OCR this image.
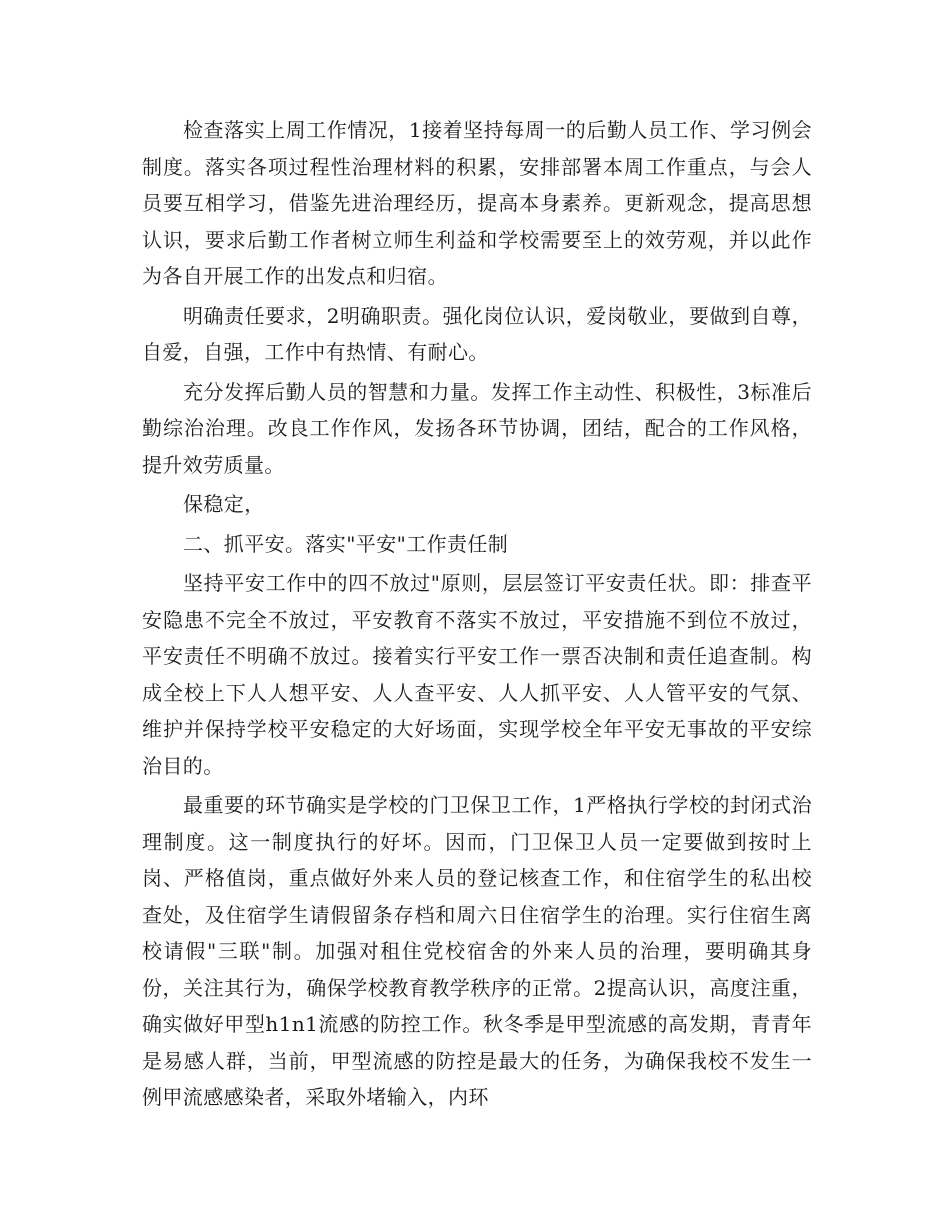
检查落实上周工作情况，1接着坚持每周一的后勤人员工作、学习例会制度。落实各项过程性治理材料的积累，安排部署本周工作重点，与会人员要互相学习，借鉴先进治理经历，提高本身素养。更新观念，提高思想认识，要求后勤工作者树立师生利益和学校需要至上的效劳观，并以此作为各自开展工作的出发点和归宿。

明确责任要求，2明确职责。强化岗位认识，爱岗敬业，要做到自尊，自爱，自强，工作中有热情、有耐心。

充分发挥后勤人员的智慧和力量。发挥工作主动性、积极性，3标准后勤综治治理。改良工作作风，发扬各环节协调，团结，配合的工作风格，提升效劳质量。

保稳定，

二、抓平安。落实"平安"工作责任制

坚持平安工作中的四不放过"原则，层层签订平安责任状。即：排查平安隐患不完全不放过，平安教育不落实不放过，平安措施不到位不放过，平安责任不明确不放过。接着实行平安工作一票否决制和责任追查制。构成全校上下人人想平安、人人查平安、人人抓平安、人人管平安的气氛、维护并保持学校平安稳定的大好场面，实现学校全年平安无事故的平安综治目的。

最重要的环节确实是学校的门卫保卫工作，1严格执行学校的封闭式治理制度。这一制度执行的好坏。因而，门卫保卫人员一定要做到按时上岗、严格值岗，重点做好外来人员的登记核查工作，和住宿学生的私出校查处，及住宿学生请假留条存档和周六日住宿学生的治理。实行住宿生离校请假"三联"制。加强对租住党校宿舍的外来人员的治理，要明确其身份，关注其行为，确保学校教育教学秩序的正常。2提高认识，高度注重，确实做好甲型h1n1流感的防控工作。秋冬季是甲型流感的高发期，青青年是易感人群，当前，甲型流感的防控是最大的任务，为确保我校不发生一例甲流感感染者，采取外堵输入，内环
